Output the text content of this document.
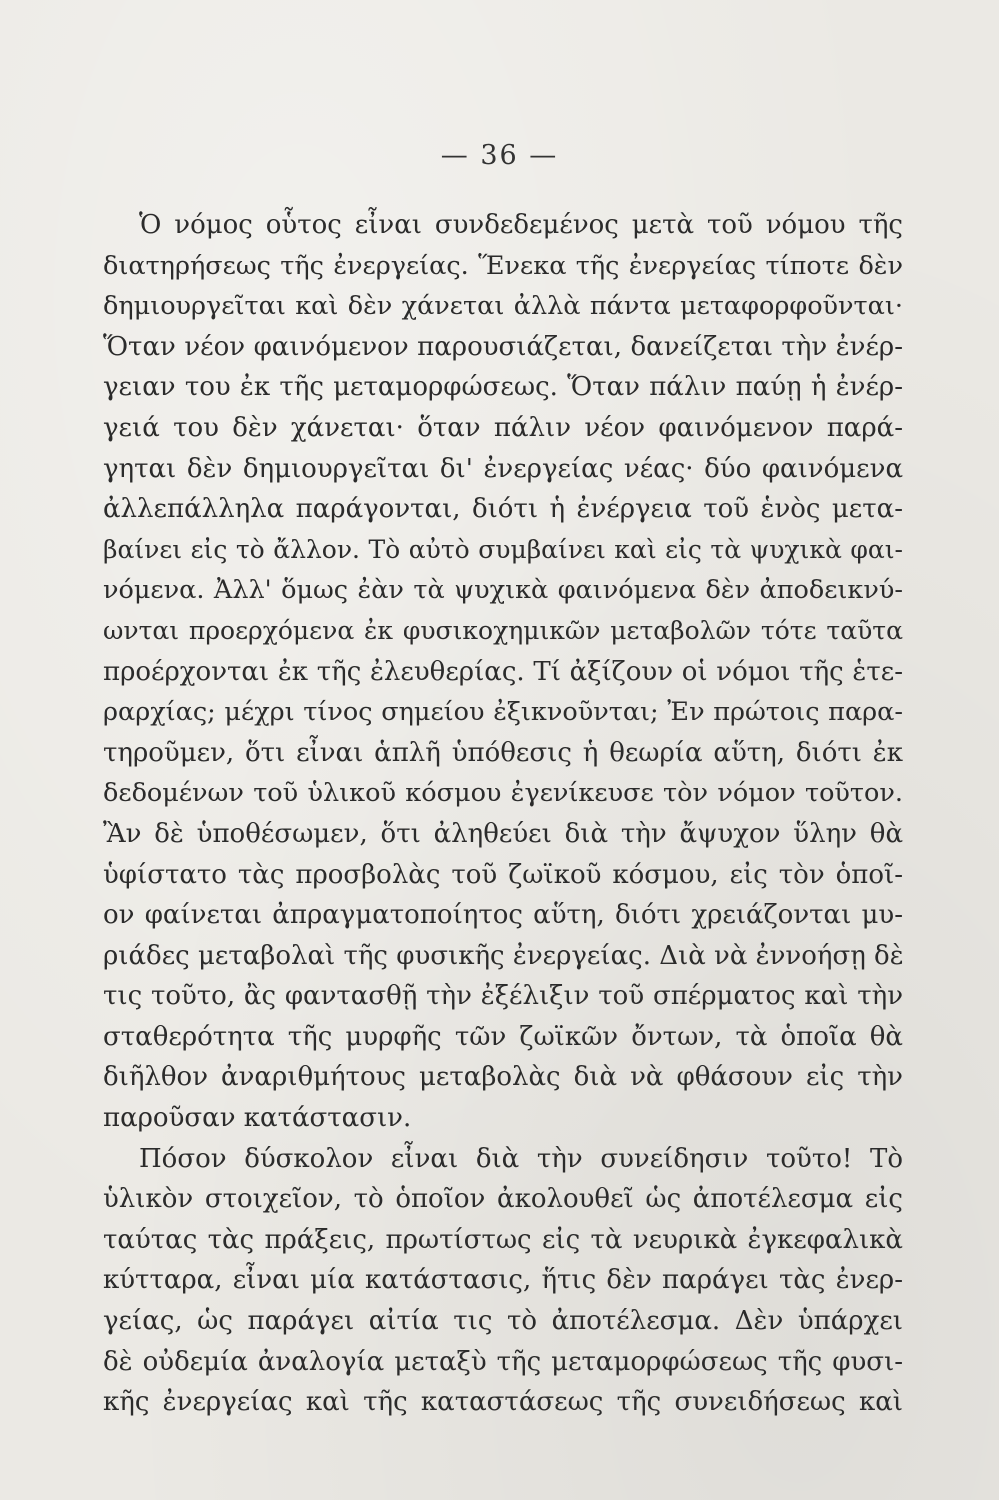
— 36 —
Ὁ νόμος οὗτος εἶναι συνδεδεμένος μετὰ τοῦ νόμου τῆς
διατηρήσεως τῆς ἐνεργείας. Ἕνεκα τῆς ἐνεργείας τίποτε δὲν
δημιουργεῖται καὶ δὲν χάνεται ἀλλὰ πάντα μεταφορφοῦνται·
Ὅταν νέον φαινόμενον παρουσιάζεται, δανείζεται τὴν ἐνέρ-
γειαν του ἐκ τῆς μεταμορφώσεως. Ὅταν πάλιν παύῃ ἡ ἐνέρ-
γειά του δὲν χάνεται· ὅταν πάλιν νέον φαινόμενον παρά-
γηται δὲν δημιουργεῖται δι' ἐνεργείας νέας· δύο φαινόμενα
ἀλλεπάλληλα παράγονται, διότι ἡ ἐνέργεια τοῦ ἑνὸς μετα-
βαίνει εἰς τὸ ἄλλον. Τὸ αὐτὸ συμβαίνει καὶ εἰς τὰ ψυχικὰ φαι-
νόμενα. Ἀλλ' ὅμως ἐὰν τὰ ψυχικὰ φαινόμενα δὲν ἀποδεικνύ-
ωνται προερχόμενα ἐκ φυσικοχημικῶν μεταβολῶν τότε ταῦτα
προέρχονται ἐκ τῆς ἐλευθερίας. Τί ἀξίζουν οἱ νόμοι τῆς ἑτε-
ραρχίας; μέχρι τίνος σημείου ἐξικνοῦνται; Ἐν πρώτοις παρα-
τηροῦμεν, ὅτι εἶναι ἁπλῆ ὑπόθεσις ἡ θεωρία αὕτη, διότι ἐκ
δεδομένων τοῦ ὑλικοῦ κόσμου ἐγενίκευσε τὸν νόμον τοῦτον.
Ἂν δὲ ὑποθέσωμεν, ὅτι ἀληθεύει διὰ τὴν ἄψυχον ὕλην θὰ
ὑφίστατο τὰς προσβολὰς τοῦ ζωϊκοῦ κόσμου, εἰς τὸν ὁποῖ-
ον φαίνεται ἀπραγματοποίητος αὕτη, διότι χρειάζονται μυ-
ριάδες μεταβολαὶ τῆς φυσικῆς ἐνεργείας. Διὰ νὰ ἐννοήσῃ δὲ
τις τοῦτο, ἂς φαντασθῇ τὴν ἐξέλιξιν τοῦ σπέρματος καὶ τὴν
σταθερότητα τῆς μυρφῆς τῶν ζωϊκῶν ὄντων, τὰ ὁποῖα θὰ
διῆλθον ἀναριθμήτους μεταβολὰς διὰ νὰ φθάσουν εἰς τὴν
παροῦσαν κατάστασιν.
Πόσον δύσκολον εἶναι διὰ τὴν συνείδησιν τοῦτο! Τὸ
ὑλικὸν στοιχεῖον, τὸ ὁποῖον ἀκολουθεῖ ὡς ἀποτέλεσμα εἰς
ταύτας τὰς πράξεις, πρωτίστως εἰς τὰ νευρικὰ ἐγκεφαλικὰ
κύτταρα, εἶναι μία κατάστασις, ἥτις δὲν παράγει τὰς ἐνερ-
γείας, ὡς παράγει αἰτία τις τὸ ἀποτέλεσμα. Δὲν ὑπάρχει
δὲ οὐδεμία ἀναλογία μεταξὺ τῆς μεταμορφώσεως τῆς φυσι-
κῆς ἐνεργείας καὶ τῆς καταστάσεως τῆς συνειδήσεως καὶ
